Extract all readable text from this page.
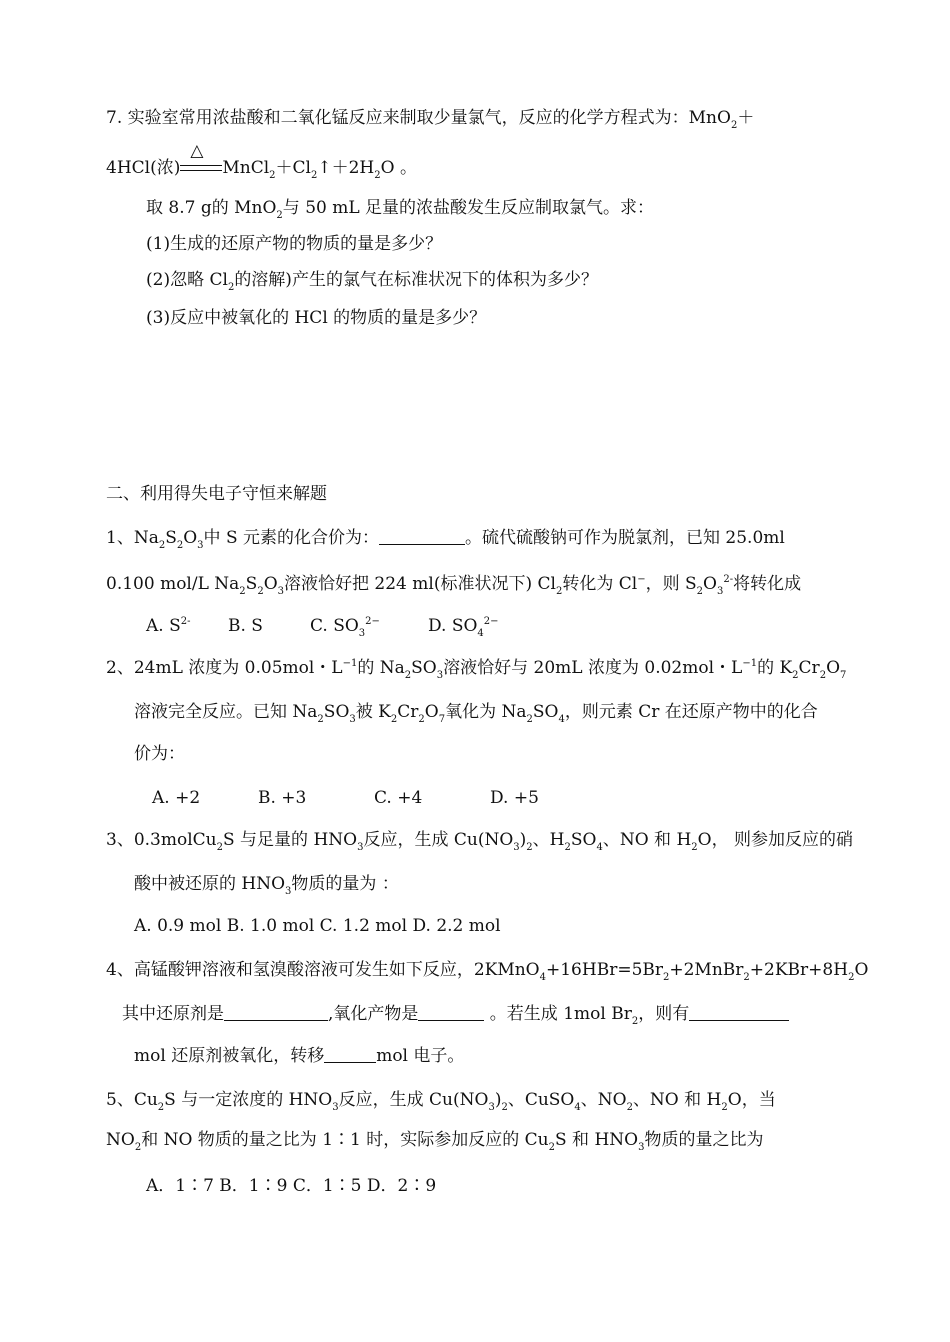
7. 实验室常用浓盐酸和二氧化锰反应来制取少量氯气，反应的化学方程式为：MnO$_2$＋
4HCl(浓)
△
$MnCl_2+Cl_2↑+2H_2O$ 。
取 8.7 g的 MnO$_2$与 50 mL 足量的浓盐酸发生反应制取氯气。求：
(1)生成的还原产物的物质的量是多少？
(2)忽略 $Cl_2$的溶解)产生的氯气在标准状况下的体积为多少？
(3)反应中被氧化的 HCl 的物质的量是多少？
二、利用得失电子守恒来解题
1、$Na_2S_2O_3$中 S 元素的化合价为：	。硫代硫酸钠可作为脱氯剂，已知 25.0ml
0.100 mol/L $Na_2S_2O_3$溶液恰好把 224 ml(标准状况下) $Cl_2$转化为 Cl−，则 $S_2O_3^{2-}$将转化成
A. $S^{2-}$ B. S	C. $SO_3^{2-}$	D. $SO_4^{2-}$
2、24mL 浓度为 0.05mol・$L^{-1}$的 $Na_2SO_3$溶液恰好与 20mL 浓度为 0.02mol・$L^{-1}$的 $K_2Cr_2O_7$
溶液完全反应。已知 $Na_2SO_3$被 $K_2Cr_2O_7$氧化为 $Na_2SO_4$，则元素 Cr 在还原产物中的化合
价为：
A. +2	B. +3	C. +4	D. +5
3、0.3molCu$_2$S 与足量的 $HNO_3$反应，生成 $Cu(NO_3)_2$、$H_2SO_4$、NO 和 $H_2O$， 则参加反应的硝
酸中被还原的 $HNO_3$物质的量为 ：
A. 0.9 mol B. 1.0 mol C. 1.2 mol D. 2.2 mol
4、高锰酸钾溶液和氢溴酸溶液可发生如下反应，$2KMnO_4+16HBr=5Br_2+2MnBr_2+2KBr+8H_2O$
其中还原剂是	,氧化产物是	。若生成 1mol $Br_2$，则有
mol 还原剂被氧化，转移	mol 电子。
5、$Cu_2S$ 与一定浓度的 $HNO_3$反应，生成 $Cu(NO_3)_2$、CuSO$_4$、$NO_2$、NO 和 $H_2O$，当
$NO_2$和 NO 物质的量之比为 1∶1 时，实际参加反应的 $Cu_2S$ 和 $HNO_3$物质的量之比为
A．1∶7 B．1∶9 C．1∶5 D．2∶9
